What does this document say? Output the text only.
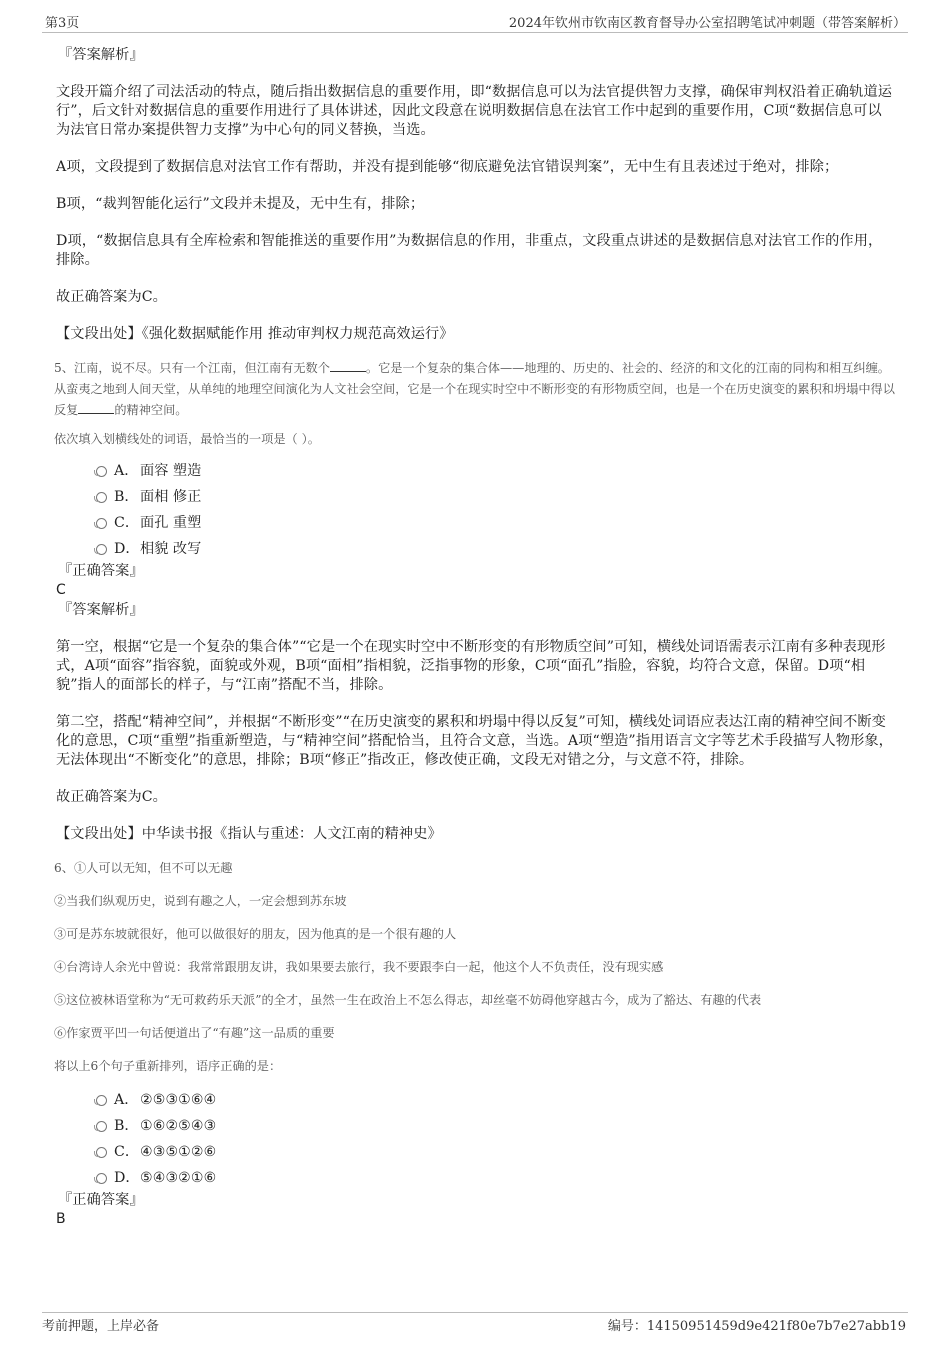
第3页	2024年钦州市钦南区教育督导办公室招聘笔试冲刺题（带答案解析）

『答案解析』

文段开篇介绍了司法活动的特点，随后指出数据信息的重要作用，即“数据信息可以为法官提供智力支撑，确保审判权沿着正确轨道运行”，后文针对数据信息的重要作用进行了具体讲述，因此文段意在说明数据信息在法官工作中起到的重要作用，C项“数据信息可以为法官日常办案提供智力支撑”为中心句的同义替换，当选。

A项，文段提到了数据信息对法官工作有帮助，并没有提到能够“彻底避免法官错误判案”，无中生有且表述过于绝对，排除；

B项，“裁判智能化运行”文段并未提及，无中生有，排除；

D项，“数据信息具有全库检索和智能推送的重要作用”为数据信息的作用，非重点，文段重点讲述的是数据信息对法官工作的作用，排除。

故正确答案为C。

【文段出处】《强化数据赋能作用 推动审判权力规范高效运行》

5、江南，说不尽。只有一个江南，但江南有无数个	。它是一个复杂的集合体——地理的、历史的、社会的、经济的和文化的江南的同构和相互纠缠。从蛮夷之地到人间天堂，从单纯的地理空间演化为人文社会空间，它是一个在现实时空中不断形变的有形物质空间，也是一个在历史演变的累积和坍塌中得以反复	的精神空间。

依次填入划横线处的词语，最恰当的一项是（ ）。

A． 面容 塑造
B． 面相 修正
C． 面孔 重塑
D． 相貌 改写

『正确答案』

C

『答案解析』

第一空，根据“它是一个复杂的集合体”“它是一个在现实时空中不断形变的有形物质空间”可知，横线处词语需表示江南有多种表现形式，A项“面容”指容貌，面貌或外观，B项“面相”指相貌，泛指事物的形象，C项“面孔”指脸，容貌，均符合文意，保留。D项“相貌”指人的面部长的样子，与“江南”搭配不当，排除。

第二空，搭配“精神空间”，并根据“不断形变”“在历史演变的累积和坍塌中得以反复”可知，横线处词语应表达江南的精神空间不断变化的意思，C项“重塑”指重新塑造，与“精神空间”搭配恰当，且符合文意，当选。A项“塑造”指用语言文字等艺术手段描写人物形象，无法体现出“不断变化”的意思，排除；B项“修正”指改正，修改使正确，文段无对错之分，与文意不符，排除。

故正确答案为C。

【文段出处】中华读书报《指认与重述：人文江南的精神史》

6、①人可以无知，但不可以无趣

②当我们纵观历史，说到有趣之人，一定会想到苏东坡

③可是苏东坡就很好，他可以做很好的朋友，因为他真的是一个很有趣的人

④台湾诗人余光中曾说：我常常跟朋友讲，我如果要去旅行，我不要跟李白一起，他这个人不负责任，没有现实感

⑤这位被林语堂称为“无可救药乐天派”的全才，虽然一生在政治上不怎么得志，却丝毫不妨碍他穿越古今，成为了豁达、有趣的代表

⑥作家贾平凹一句话便道出了“有趣”这一品质的重要

将以上6个句子重新排列，语序正确的是：

A． ②⑤③①⑥④
B． ①⑥②⑤④③
C． ④③⑤①②⑥
D． ⑤④③②①⑥

『正确答案』

B

考前押题，上岸必备	编号：14150951459d9e421f80e7b7e27abb19
